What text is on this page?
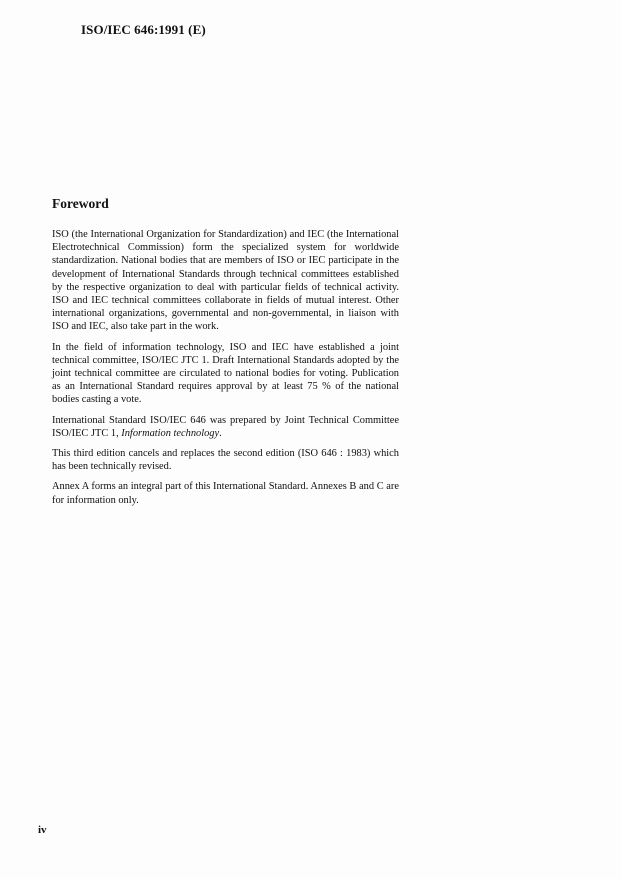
ISO/IEC 646:1991 (E)
Foreword

ISO (the International Organization for Standardization) and IEC (the International Electrotechnical Commission) form the specialized system for worldwide standardization. National bodies that are members of ISO or IEC participate in the development of International Standards through technical committees established by the respective organization to deal with particular fields of technical activity. ISO and IEC technical committees collaborate in fields of mutual interest. Other international organizations, governmental and non-governmental, in liaison with ISO and IEC, also take part in the work.

In the field of information technology, ISO and IEC have established a joint technical committee, ISO/IEC JTC 1. Draft International Standards adopted by the joint technical committee are circulated to national bodies for voting. Publication as an International Standard requires approval by at least 75 % of the national bodies casting a vote.

International Standard ISO/IEC 646 was prepared by Joint Technical Committee ISO/IEC JTC 1, Information technology.

This third edition cancels and replaces the second edition (ISO 646 : 1983) which has been technically revised.

Annex A forms an integral part of this International Standard. Annexes B and C are for information only.

iv
